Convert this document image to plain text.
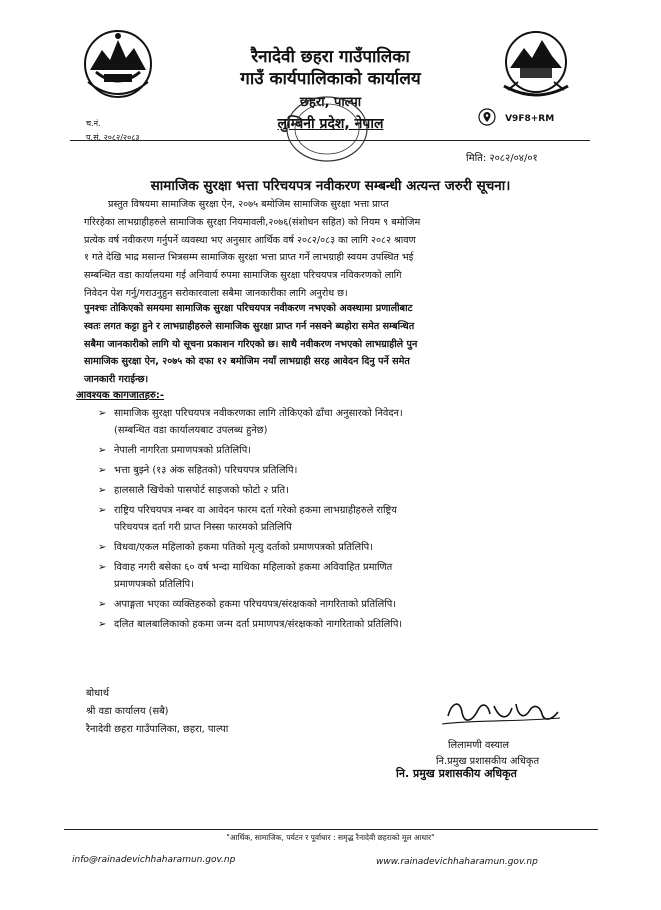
रैनादेवी छहरा गाउँपालिका
गाउँ कार्यपालिकाको कार्यालय
छहरा, पाल्पा
लुम्बिनी प्रदेश, नेपाल
च.नं.
प.सं. २०८२/२०८३
V9F8+RM
मिति: २०८२/०४/०१
सामाजिक सुरक्षा भत्ता परिचयपत्र नवीकरण सम्बन्धी अत्यन्त जरुरी सूचना।
प्रस्तुत विषयमा सामाजिक सुरक्षा ऐन, २०७५ बमोजिम सामाजिक सुरक्षा भत्ता प्राप्त
गरिरहेका लाभग्राहीहरुले सामाजिक सुरक्षा नियमावली,२०७६(संशोधन सहित) को नियम ९ बमोजिम
प्रत्येक वर्ष नवीकरण गर्नुपर्ने व्यवस्था भए अनुसार आर्थिक वर्ष २०८२/०८३ का लागि २०८२ श्रावण
१ गते देखि भाद्र मसान्त भित्रसम्म सामाजिक सुरक्षा भत्ता प्राप्त गर्ने लाभग्राही स्वयम उपस्थित भई
सम्बन्धित वडा कार्यालयमा गई अनिवार्य रुपमा सामाजिक सुरक्षा परिचयपत्र नविकरणको लागि
निवेदन पेश गर्नु/गराउनुहुन सरोकारवाला सबैमा जानकारीका लागि अनुरोध छ।
पुनश्चः तोकिएको समयमा सामाजिक सुरक्षा परिचयपत्र नवीकरण नभएको अवस्थामा प्रणालीबाट
स्वतः लगत कट्टा हुने र लाभग्राहीहरुले सामाजिक सुरक्षा प्राप्त गर्न नसक्ने ब्यहोरा समेत सम्बन्धित
सबैमा जानकारीको लागि यो सूचना प्रकाशन गरिएको छ। साथै नवीकरण नभएको लाभग्राहीले पुन
सामाजिक सुरक्षा ऐन, २०७५ को दफा १२ बमोजिम नयाँ लाभग्राही सरह आवेदन दिनु पर्ने समेत
जानकारी गराईन्छ।
आवश्यक कागजातहरु:-
➢ सामाजिक सुरक्षा परिचयपत्र नवीकरणका लागि तोकिएको ढाँचा अनुसारको निवेदन।
(सम्बन्धित वडा कार्यालयबाट उपलब्ध हुनेछ)
➢ नेपाली नागरिता प्रमाणपत्रको प्रतिलिपि।
➢ भत्ता बुझ्ने (१३ अंक सहितको) परिचयपत्र प्रतिलिपि।
➢ हालसालै खिचेको पासपोर्ट साइजको फोटो २ प्रति।
➢ राष्ट्रिय परिचयपत्र नम्बर वा आवेदन फारम दर्ता गरेको हकमा लाभग्राहीहरुले राष्ट्रिय
परिचयपत्र दर्ता गरी प्राप्त निस्सा फारमको प्रतिलिपि
➢ विधवा/एकल महिलाको हकमा पतिको मृत्यु दर्ताको प्रमाणपत्रको प्रतिलिपि।
➢ विवाह नगरी बसेका ६० वर्ष भन्दा माथिका महिलाको हकमा अविवाहित प्रमाणित
प्रमाणपत्रको प्रतिलिपि।
➢ अपाङ्गता भएका व्यक्तिहरुको हकमा परिचयपत्र/संरक्षकको नागरिताको प्रतिलिपि।
➢ दलित बालबालिकाको हकमा जन्म दर्ता प्रमाणपत्र/संरक्षकको नागरिताको प्रतिलिपि।
बोधार्थ
श्री वडा कार्यालय (सबै)
रैनादेवी छहरा गाउँपालिका, छहरा, पाल्पा
लिलामणी वस्याल
नि.प्रमुख प्रशासकीय अधिकृत
नि. प्रमुख प्रशासकीय अधिकृत
"आर्थिक, सामाजिक, पर्यटन र पूर्वाधार : समृद्ध रैनादेवी छहराको मूल आधार"
info@rainadevichhaharamun.gov.np	www.rainadevichhaharamun.gov.np
